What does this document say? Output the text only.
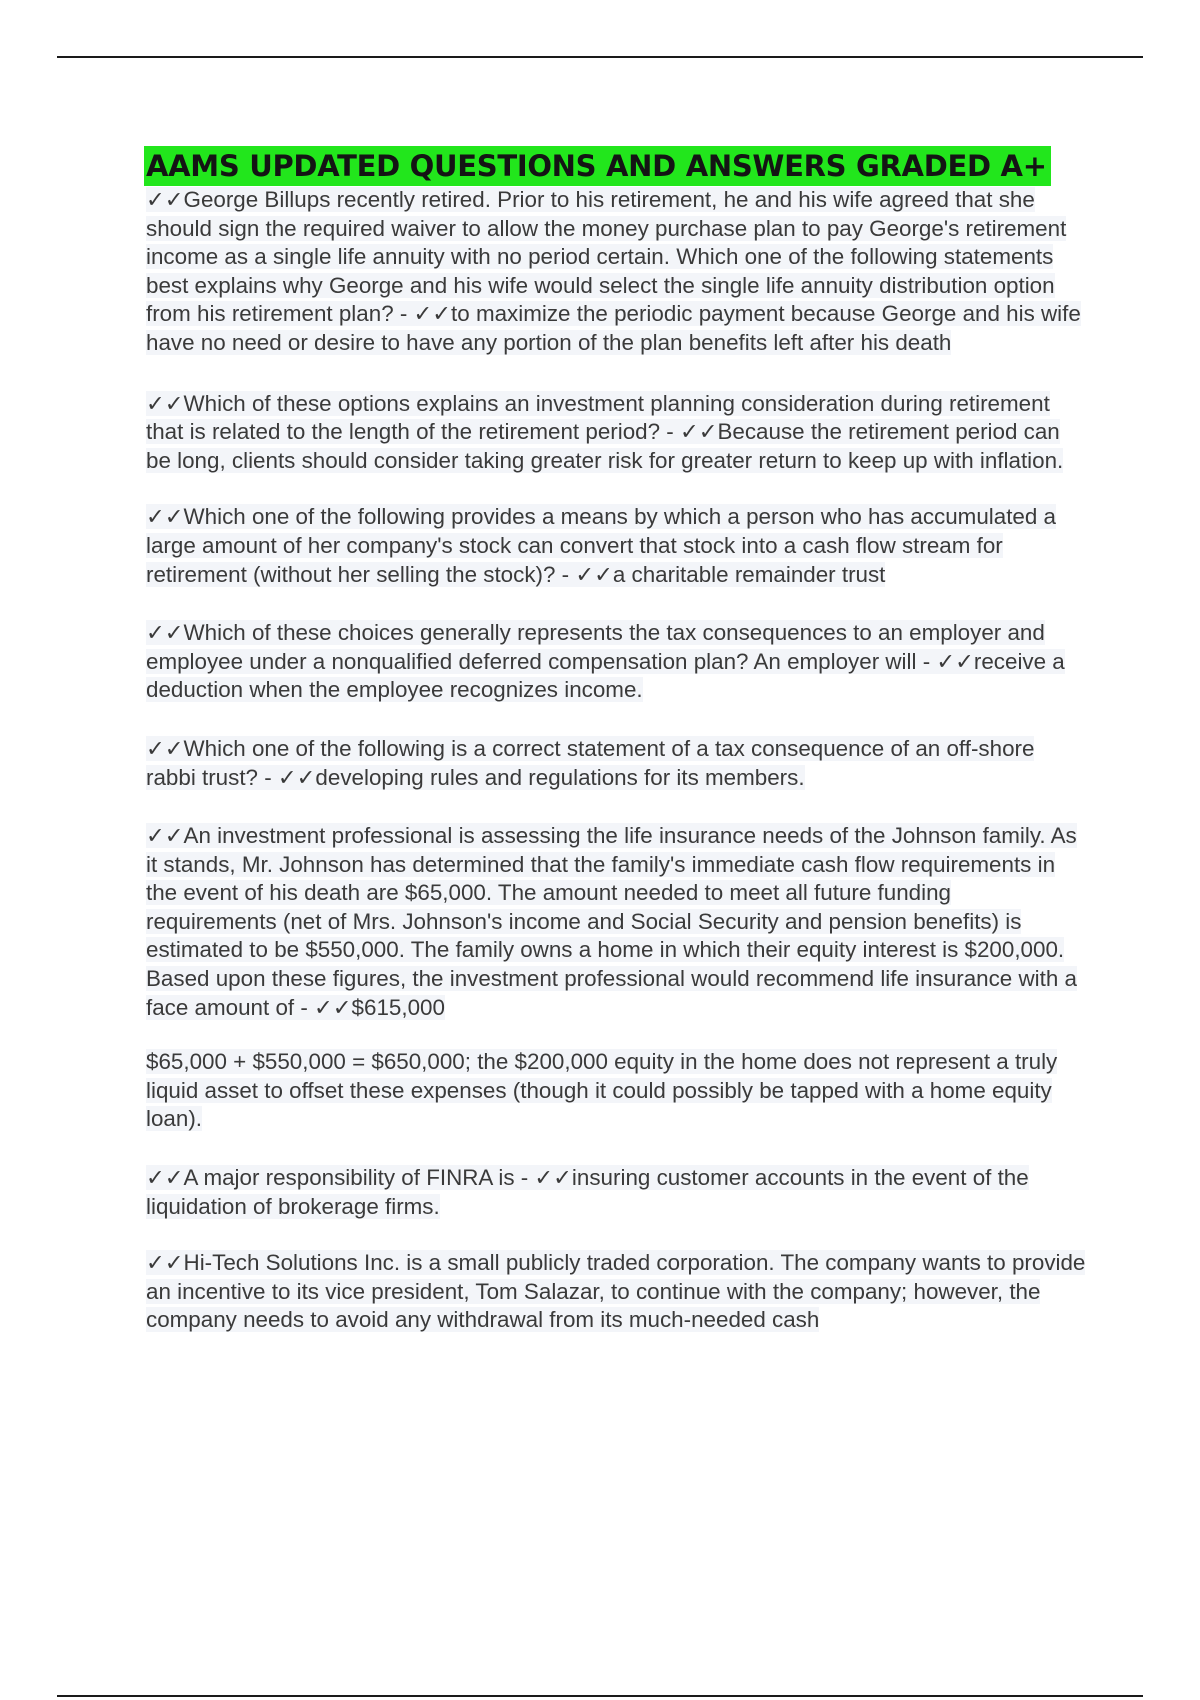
AAMS UPDATED QUESTIONS AND ANSWERS GRADED A+

✓✓George Billups recently retired. Prior to his retirement, he and his wife agreed that she should sign the required waiver to allow the money purchase plan to pay George's retirement income as a single life annuity with no period certain. Which one of the following statements best explains why George and his wife would select the single life annuity distribution option from his retirement plan? - ✓✓to maximize the periodic payment because George and his wife have no need or desire to have any portion of the plan benefits left after his death

✓✓Which of these options explains an investment planning consideration during retirement that is related to the length of the retirement period? - ✓✓Because the retirement period can be long, clients should consider taking greater risk for greater return to keep up with inflation.

✓✓Which one of the following provides a means by which a person who has accumulated a large amount of her company's stock can convert that stock into a cash flow stream for retirement (without her selling the stock)? - ✓✓a charitable remainder trust

✓✓Which of these choices generally represents the tax consequences to an employer and employee under a nonqualified deferred compensation plan? An employer will - ✓✓receive a deduction when the employee recognizes income.

✓✓Which one of the following is a correct statement of a tax consequence of an off-shore rabbi trust? - ✓✓developing rules and regulations for its members.

✓✓An investment professional is assessing the life insurance needs of the Johnson family. As it stands, Mr. Johnson has determined that the family's immediate cash flow requirements in the event of his death are $65,000. The amount needed to meet all future funding requirements (net of Mrs. Johnson's income and Social Security and pension benefits) is estimated to be $550,000. The family owns a home in which their equity interest is $200,000. Based upon these figures, the investment professional would recommend life insurance with a face amount of - ✓✓$615,000

$65,000 + $550,000 = $650,000; the $200,000 equity in the home does not represent a truly liquid asset to offset these expenses (though it could possibly be tapped with a home equity loan).

✓✓A major responsibility of FINRA is - ✓✓insuring customer accounts in the event of the liquidation of brokerage firms.

✓✓Hi-Tech Solutions Inc. is a small publicly traded corporation. The company wants to provide an incentive to its vice president, Tom Salazar, to continue with the company; however, the company needs to avoid any withdrawal from its much-needed cash
